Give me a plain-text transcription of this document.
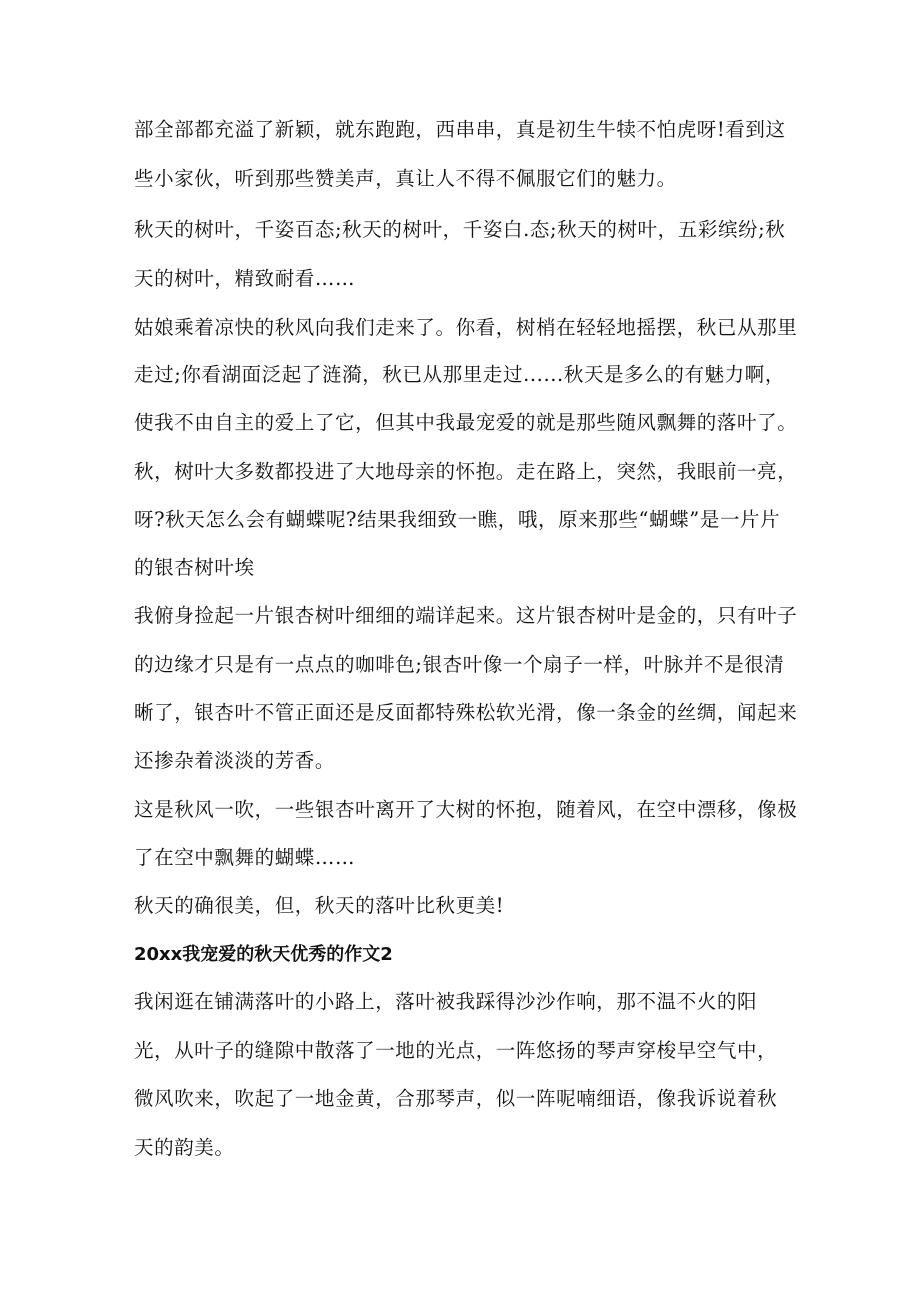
部全部都充溢了新颖，就东跑跑，西串串，真是初生牛犊不怕虎呀!看到这
些小家伙，听到那些赞美声，真让人不得不佩服它们的魅力。
秋天的树叶，千姿百态;秋天的树叶，千姿白.态;秋天的树叶，五彩缤纷;秋
天的树叶，精致耐看……
姑娘乘着凉快的秋风向我们走来了。你看，树梢在轻轻地摇摆，秋已从那里
走过;你看湖面泛起了涟漪，秋已从那里走过......秋天是多么的有魅力啊，
使我不由自主的爱上了它，但其中我最宠爱的就是那些随风飘舞的落叶了。
秋，树叶大多数都投进了大地母亲的怀抱。走在路上，突然，我眼前一亮，
呀?秋天怎么会有蝴蝶呢?结果我细致一瞧，哦，原来那些“蝴蝶”是一片片
的银杏树叶埃
我俯身捡起一片银杏树叶细细的端详起来。这片银杏树叶是金的，只有叶子
的边缘才只是有一点点的咖啡色;银杏叶像一个扇子一样，叶脉并不是很清
晰了，银杏叶不管正面还是反面都特殊松软光滑，像一条金的丝绸，闻起来
还掺杂着淡淡的芳香。
这是秋风一吹，一些银杏叶离开了大树的怀抱，随着风，在空中漂移，像极
了在空中飘舞的蝴蝶……
秋天的确很美，但，秋天的落叶比秋更美!
20xx我宠爱的秋天优秀的作文2
我闲逛在铺满落叶的小路上，落叶被我踩得沙沙作响，那不温不火的阳
光，从叶子的缝隙中散落了一地的光点，一阵悠扬的琴声穿梭早空气中，
微风吹来，吹起了一地金黄，合那琴声，似一阵呢喃细语，像我诉说着秋
天的韵美。
